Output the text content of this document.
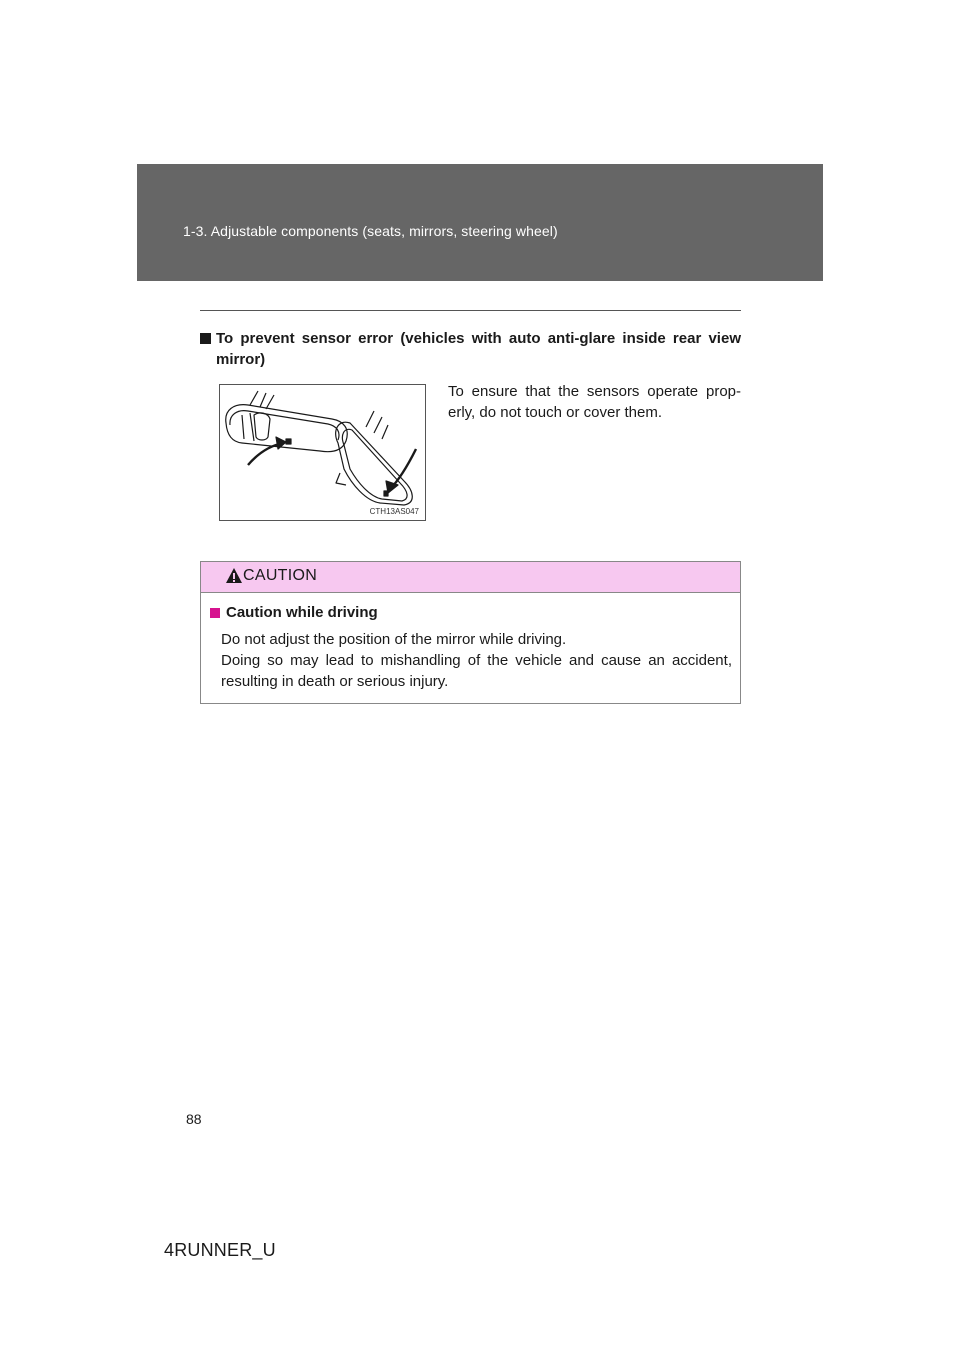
1-3. Adjustable components (seats, mirrors, steering wheel)
To prevent sensor error (vehicles with auto anti-glare inside rear view mirror)
CTH13AS047
To ensure that the sensors operate prop-erly, do not touch or cover them.
CAUTION
Caution while driving

Do not adjust the position of the mirror while driving.

Doing so may lead to mishandling of the vehicle and cause an accident, resulting in death or serious injury.

88
4RUNNER_U
